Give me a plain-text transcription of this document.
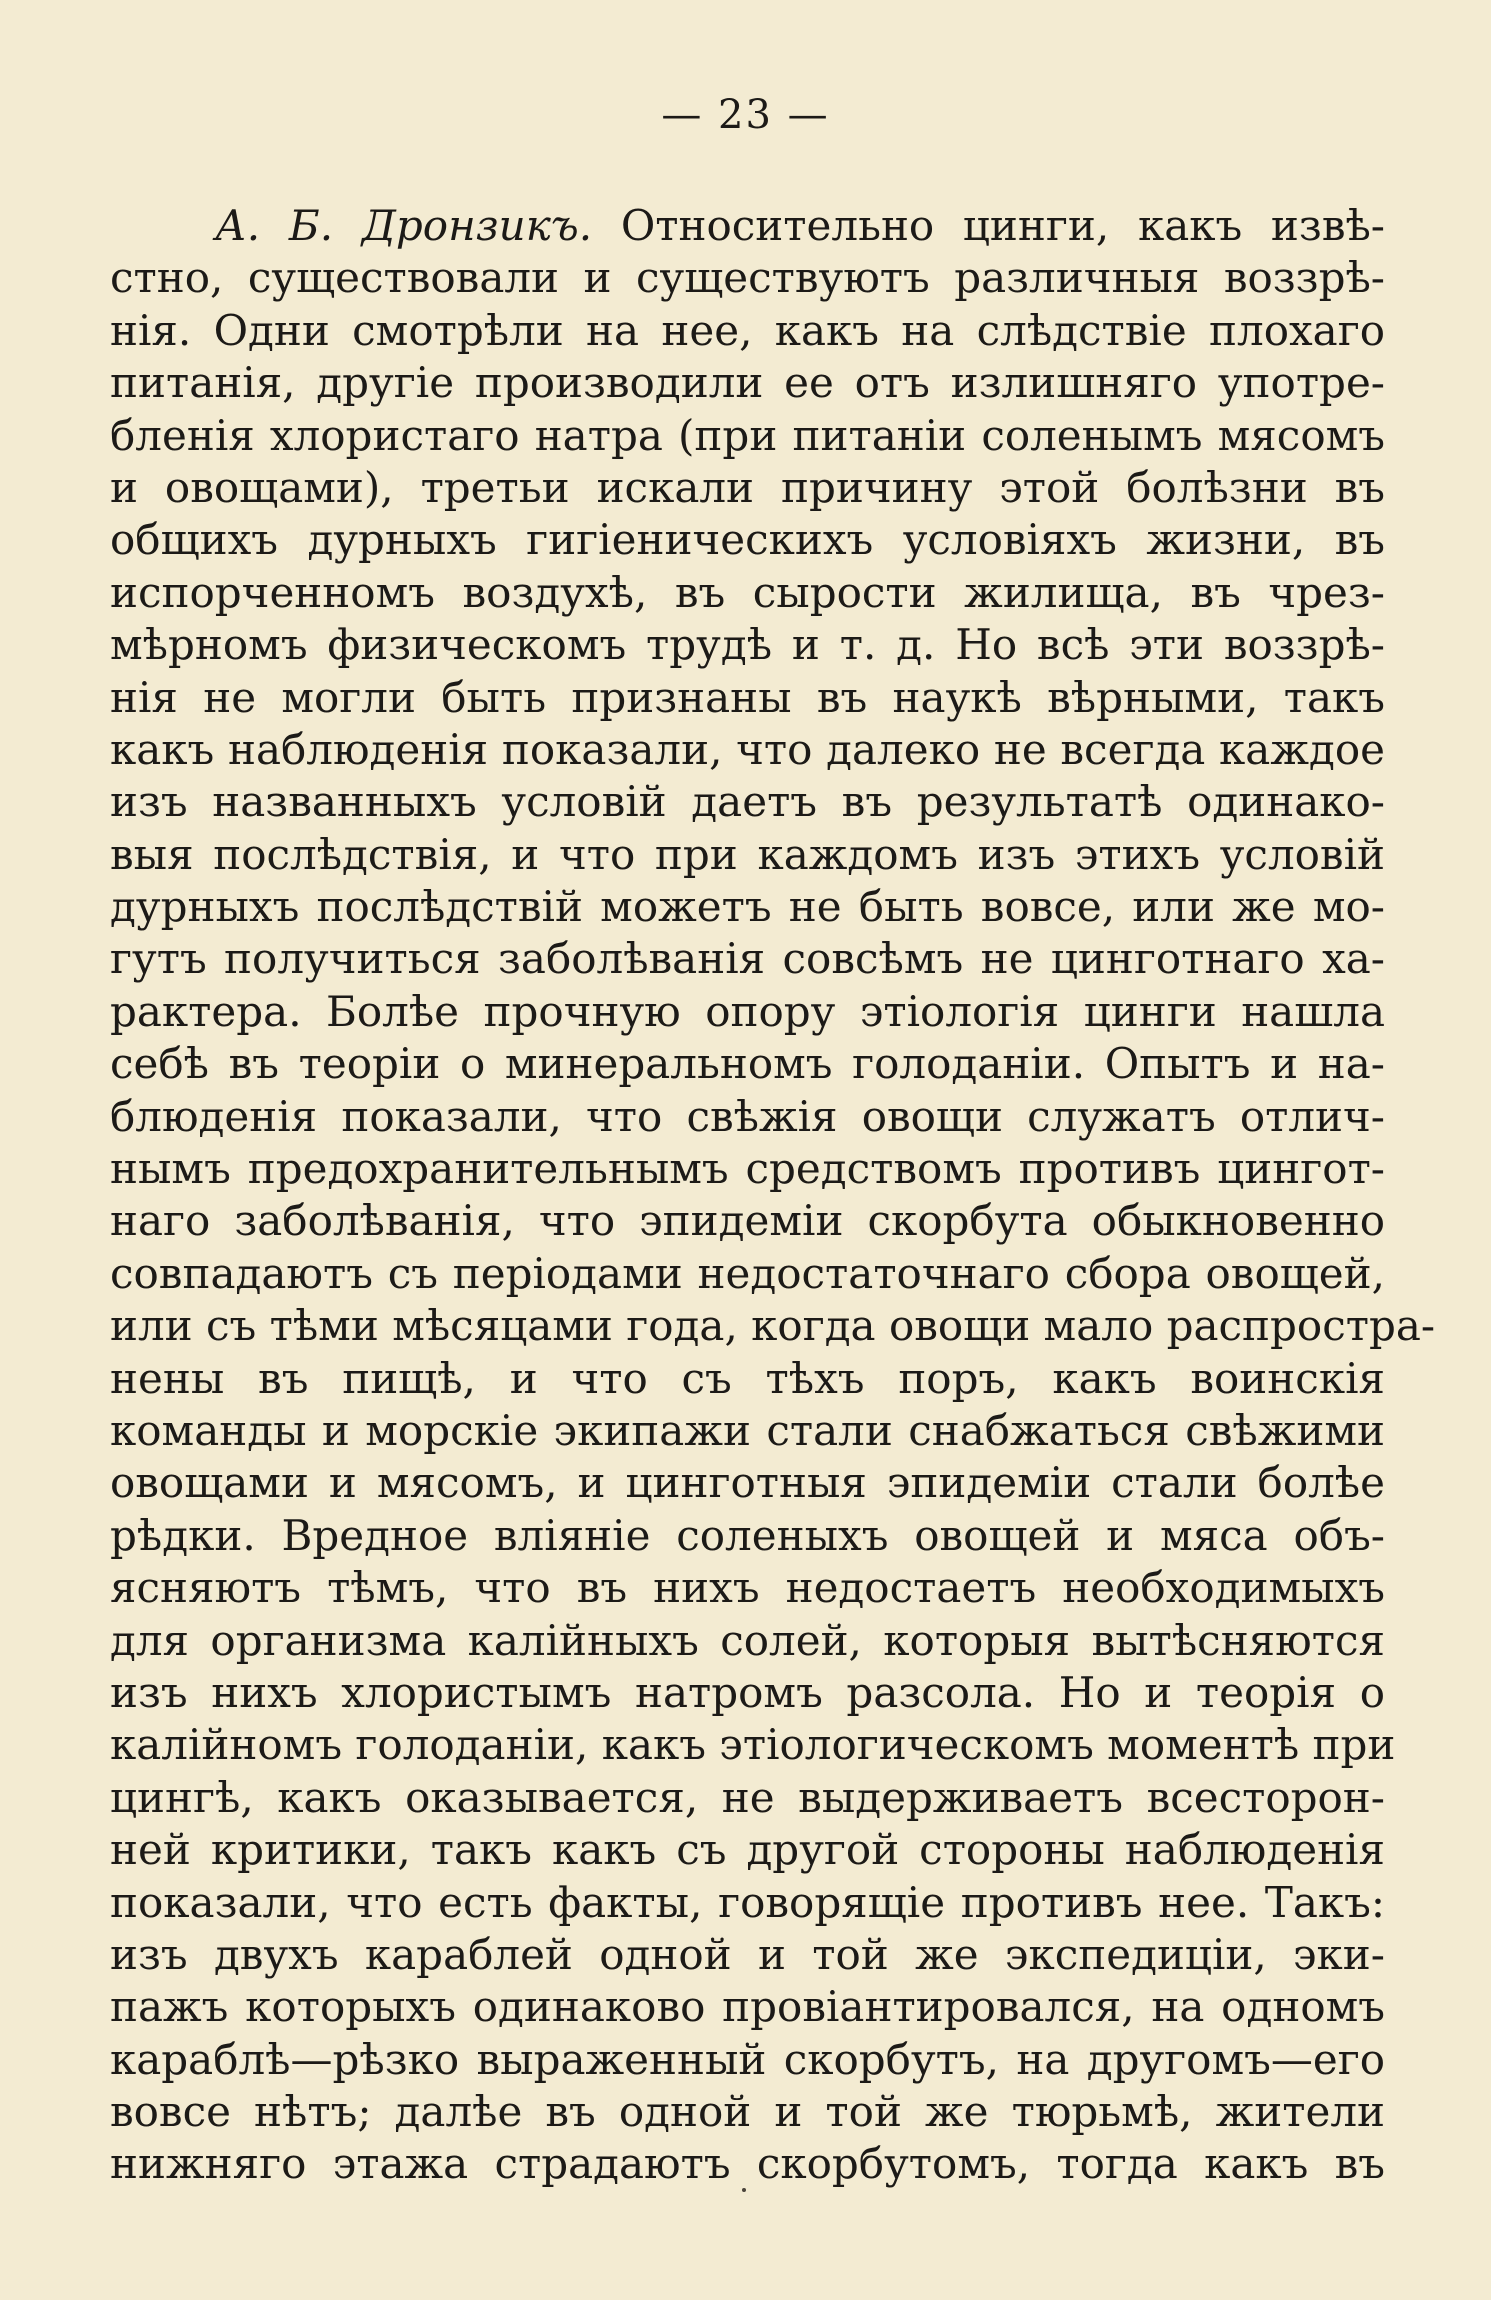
— 23 —
А. Б. Дронзикъ. Относительно цинги, какъ извѣ-
стно, существовали и существуютъ различныя воззрѣ-
нія. Одни смотрѣли на нее, какъ на слѣдствіе плохаго
питанія, другіе производили ее отъ излишняго употре-
бленія хлористаго натра (при питаніи соленымъ мясомъ
и овощами), третьи искали причину этой болѣзни въ
общихъ дурныхъ гигіеническихъ условіяхъ жизни, въ
испорченномъ воздухѣ, въ сырости жилища, въ чрез-
мѣрномъ физическомъ трудѣ и т. д. Но всѣ эти воззрѣ-
нія не могли быть признаны въ наукѣ вѣрными, такъ
какъ наблюденія показали, что далеко не всегда каждое
изъ названныхъ условій даетъ въ результатѣ одинако-
выя послѣдствія, и что при каждомъ изъ этихъ условій
дурныхъ послѣдствій можетъ не быть вовсе, или же мо-
гутъ получиться заболѣванія совсѣмъ не цинготнаго ха-
рактера. Болѣе прочную опору этіологія цинги нашла
себѣ въ теоріи о минеральномъ голоданіи. Опытъ и на-
блюденія показали, что свѣжія овощи служатъ отлич-
нымъ предохранительнымъ средствомъ противъ цингот-
наго заболѣванія, что эпидеміи скорбута обыкновенно
совпадаютъ съ періодами недостаточнаго сбора овощей,
или съ тѣми мѣсяцами года, когда овощи мало распростра-
нены въ пищѣ, и что съ тѣхъ поръ, какъ воинскія
команды и морскіе экипажи стали снабжаться свѣжими
овощами и мясомъ, и цинготныя эпидеміи стали болѣе
рѣдки. Вредное вліяніе соленыхъ овощей и мяса объ-
ясняютъ тѣмъ, что въ нихъ недостаетъ необходимыхъ
для организма калійныхъ солей, которыя вытѣсняются
изъ нихъ хлористымъ натромъ разсола. Но и теорія о
калійномъ голоданіи, какъ этіологическомъ моментѣ при
цингѣ, какъ оказывается, не выдерживаетъ всесторон-
ней критики, такъ какъ съ другой стороны наблюденія
показали, что есть факты, говорящіе противъ нее. Такъ:
изъ двухъ караблей одной и той же экспедиціи, эки-
пажъ которыхъ одинаково провіантировался, на одномъ
караблѣ—рѣзко выраженный скорбутъ, на другомъ—его
вовсе нѣтъ; далѣе въ одной и той же тюрьмѣ, жители
нижняго этажа страдаютъ скорбутомъ, тогда какъ въ
